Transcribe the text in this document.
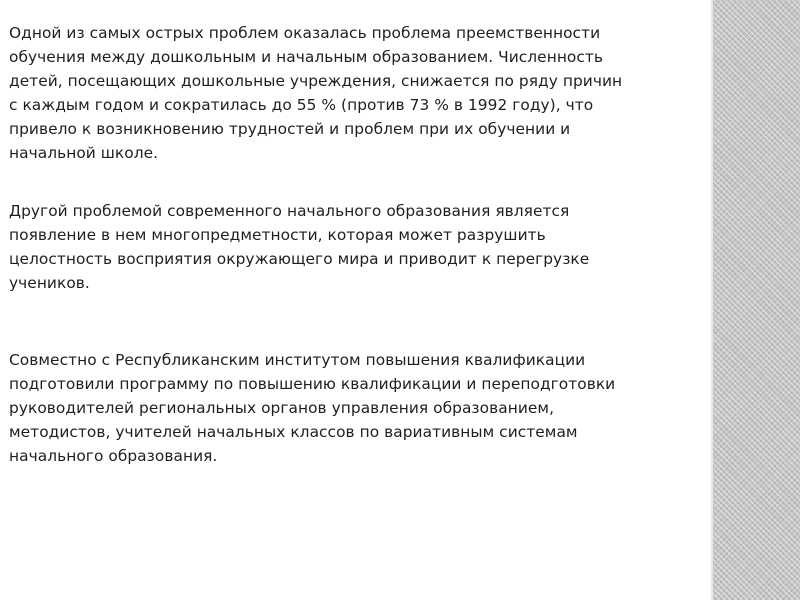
Одной из самых острых проблем оказалась проблема преемственности
обучения между дошкольным и начальным образованием. Численность
детей, посещающих дошкольные учреждения, снижается по ряду причин
с каждым годом и сократилась до 55 % (против 73 % в 1992 году), что
привело к возникновению трудностей и проблем при их обучении и
начальной школе.

Другой проблемой современного начального образования является
появление в нем многопредметности, которая может разрушить
целостность восприятия окружающего мира и приводит к перегрузке
учеников.

Совместно с Республиканским институтом повышения квалификации
подготовили программу по повышению квалификации и переподготовки
руководителей региональных органов управления образованием,
методистов, учителей начальных классов по вариативным системам
начального образования.
